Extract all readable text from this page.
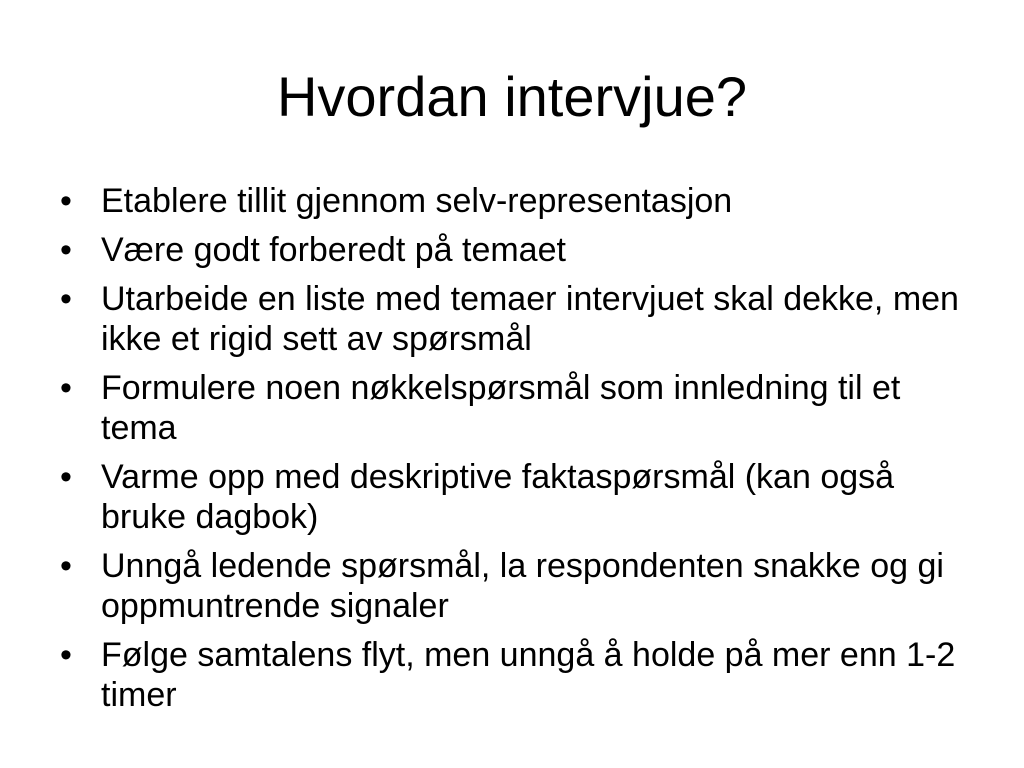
Hvordan intervjue?
• Etablere tillit gjennom selv-representasjon
• Være godt forberedt på temaet
• Utarbeide en liste med temaer intervjuet skal dekke, men ikke et rigid sett av spørsmål
• Formulere noen nøkkelspørsmål som innledning til et tema
• Varme opp med deskriptive faktaspørsmål (kan også bruke dagbok)
• Unngå ledende spørsmål, la respondenten snakke og gi oppmuntrende signaler
• Følge samtalens flyt, men unngå å holde på mer enn 1-2 timer
